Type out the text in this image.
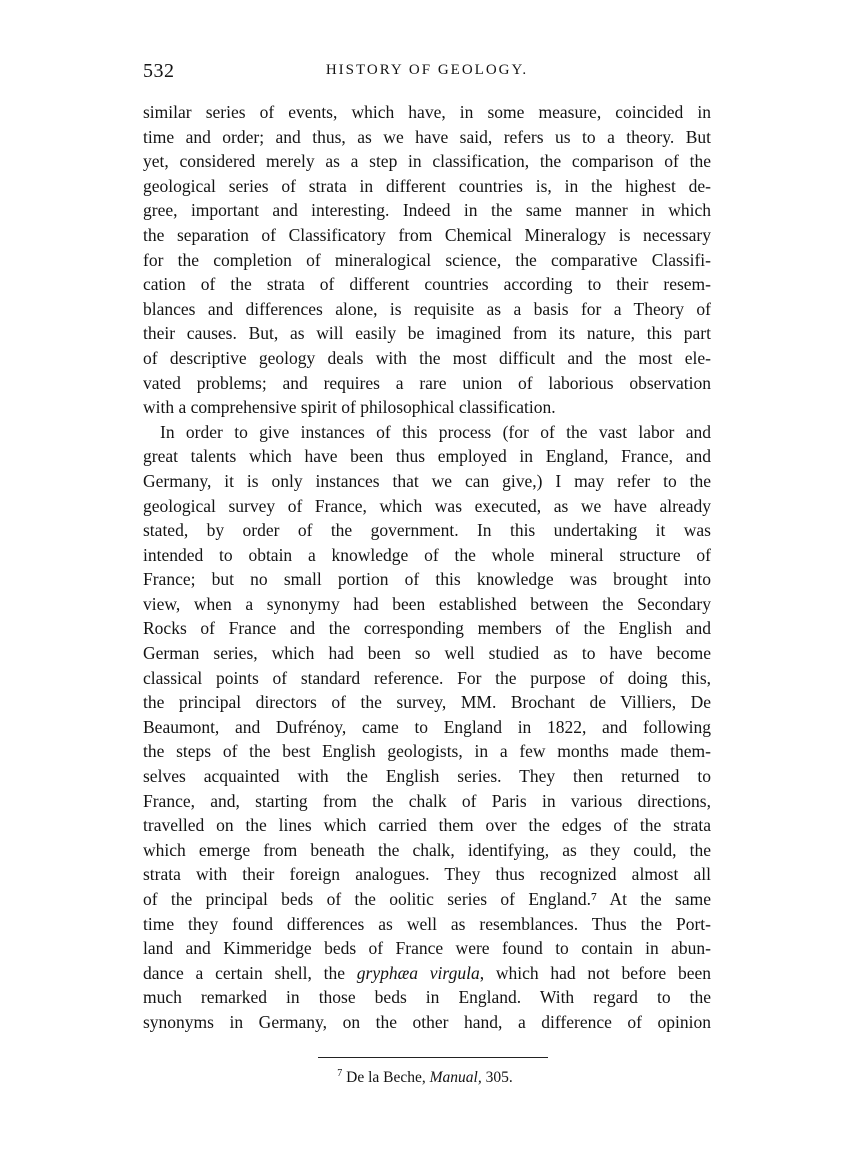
532	HISTORY OF GEOLOGY.
similar series of events, which have, in some measure, coincided in
time and order; and thus, as we have said, refers us to a theory. But
yet, considered merely as a step in classification, the comparison of the
geological series of strata in different countries is, in the highest de-
gree, important and interesting. Indeed in the same manner in which
the separation of Classificatory from Chemical Mineralogy is necessary
for the completion of mineralogical science, the comparative Classifi-
cation of the strata of different countries according to their resem-
blances and differences alone, is requisite as a basis for a Theory of
their causes. But, as will easily be imagined from its nature, this part
of descriptive geology deals with the most difficult and the most ele-
vated problems; and requires a rare union of laborious observation
with a comprehensive spirit of philosophical classification.
In order to give instances of this process (for of the vast labor and
great talents which have been thus employed in England, France, and
Germany, it is only instances that we can give,) I may refer to the
geological survey of France, which was executed, as we have already
stated, by order of the government. In this undertaking it was
intended to obtain a knowledge of the whole mineral structure of
France; but no small portion of this knowledge was brought into
view, when a synonymy had been established between the Secondary
Rocks of France and the corresponding members of the English and
German series, which had been so well studied as to have become
classical points of standard reference. For the purpose of doing this,
the principal directors of the survey, MM. Brochant de Villiers, De
Beaumont, and Dufrénoy, came to England in 1822, and following
the steps of the best English geologists, in a few months made them-
selves acquainted with the English series. They then returned to
France, and, starting from the chalk of Paris in various directions,
travelled on the lines which carried them over the edges of the strata
which emerge from beneath the chalk, identifying, as they could, the
strata with their foreign analogues. They thus recognized almost all
of the principal beds of the oolitic series of England.⁷ At the same
time they found differences as well as resemblances. Thus the Port-
land and Kimmeridge beds of France were found to contain in abun-
dance a certain shell, the gryphæa virgula, which had not before been
much remarked in those beds in England. With regard to the
synonyms in Germany, on the other hand, a difference of opinion
$^7$ De la Beche, Manual, 305.
